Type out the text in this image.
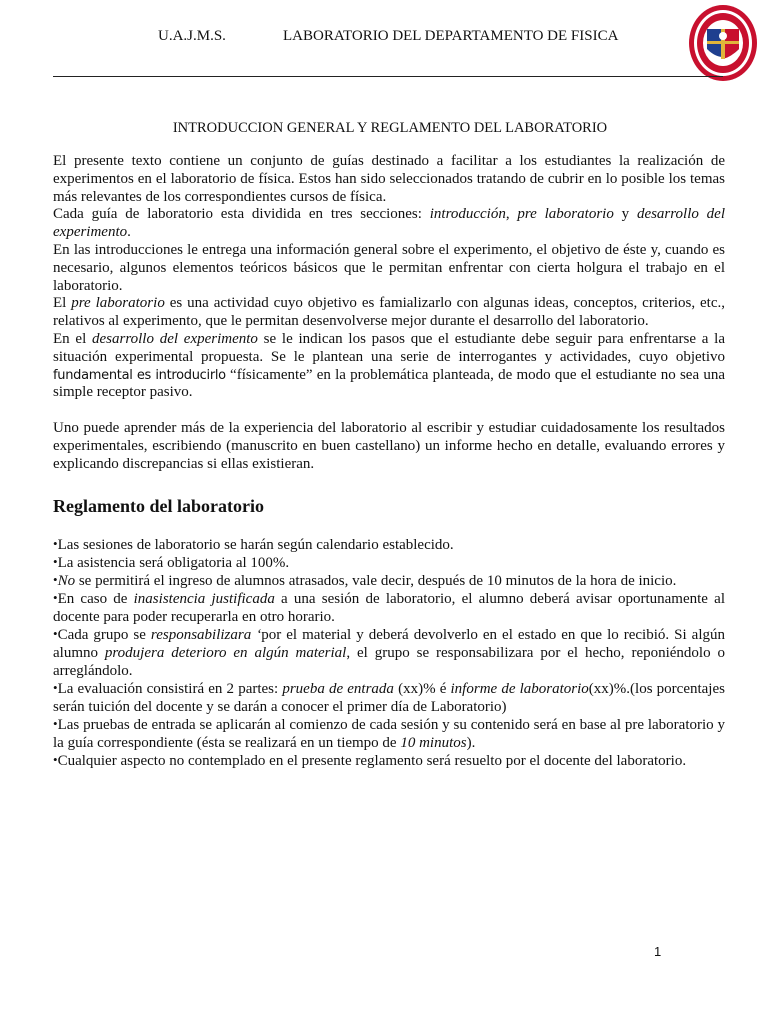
U.A.J.M.S.	LABORATORIO DEL DEPARTAMENTO DE FISICA
INTRODUCCION GENERAL Y REGLAMENTO DEL LABORATORIO

El presente texto contiene un conjunto de guías destinado a facilitar a los estudiantes la realización de experimentos en el laboratorio de física. Estos han sido seleccionados tratando de cubrir en lo posible los temas más relevantes de los correspondientes cursos de física.

Cada guía de laboratorio esta dividida en tres secciones: introducción, pre laboratorio y desarrollo del experimento.

En las introducciones le entrega una información general sobre el experimento, el objetivo de éste y, cuando es necesario, algunos elementos teóricos básicos que le permitan enfrentar con cierta holgura el trabajo en el laboratorio.

El pre laboratorio es una actividad cuyo objetivo es famializarlo con algunas ideas, conceptos, criterios, etc., relativos al experimento, que le permitan desenvolverse mejor durante el desarrollo del laboratorio.

En el desarrollo del experimento se le indican los pasos que el estudiante debe seguir para enfrentarse a la situación experimental propuesta. Se le plantean una serie de interrogantes y actividades, cuyo objetivo fundamental es introducirlo “físicamente” en la problemática planteada, de modo que el estudiante no sea una simple receptor pasivo.

Uno puede aprender más de la experiencia del laboratorio al escribir y estudiar cuidadosamente los resultados experimentales, escribiendo (manuscrito en buen castellano) un informe hecho en detalle, evaluando errores y explicando discrepancias si ellas existieran.

Reglamento del laboratorio

•Las sesiones de laboratorio se harán según calendario establecido.

•La asistencia será obligatoria al 100%.

•No se permitirá el ingreso de alumnos atrasados, vale decir, después de 10 minutos de la hora de inicio.

•En caso de inasistencia justificada a una sesión de laboratorio, el alumno deberá avisar oportunamente al docente para poder recuperarla en otro horario.

•Cada grupo se responsabilizara ‘por el material y deberá devolverlo en el estado en que lo recibió. Si algún alumno produjera deterioro en algún material, el grupo se responsabilizara por el hecho, reponiéndolo o arreglándolo.

•La evaluación consistirá en 2 partes: prueba de entrada (xx)% é informe de laboratorio(xx)%.(los porcentajes serán tuición del docente y se darán a conocer el primer día de Laboratorio)

•Las pruebas de entrada se aplicarán al comienzo de cada sesión y su contenido será en base al pre laboratorio y la guía correspondiente (ésta se realizará en un tiempo de 10 minutos).

•Cualquier aspecto no contemplado en el presente reglamento será resuelto por el docente del laboratorio.

1
